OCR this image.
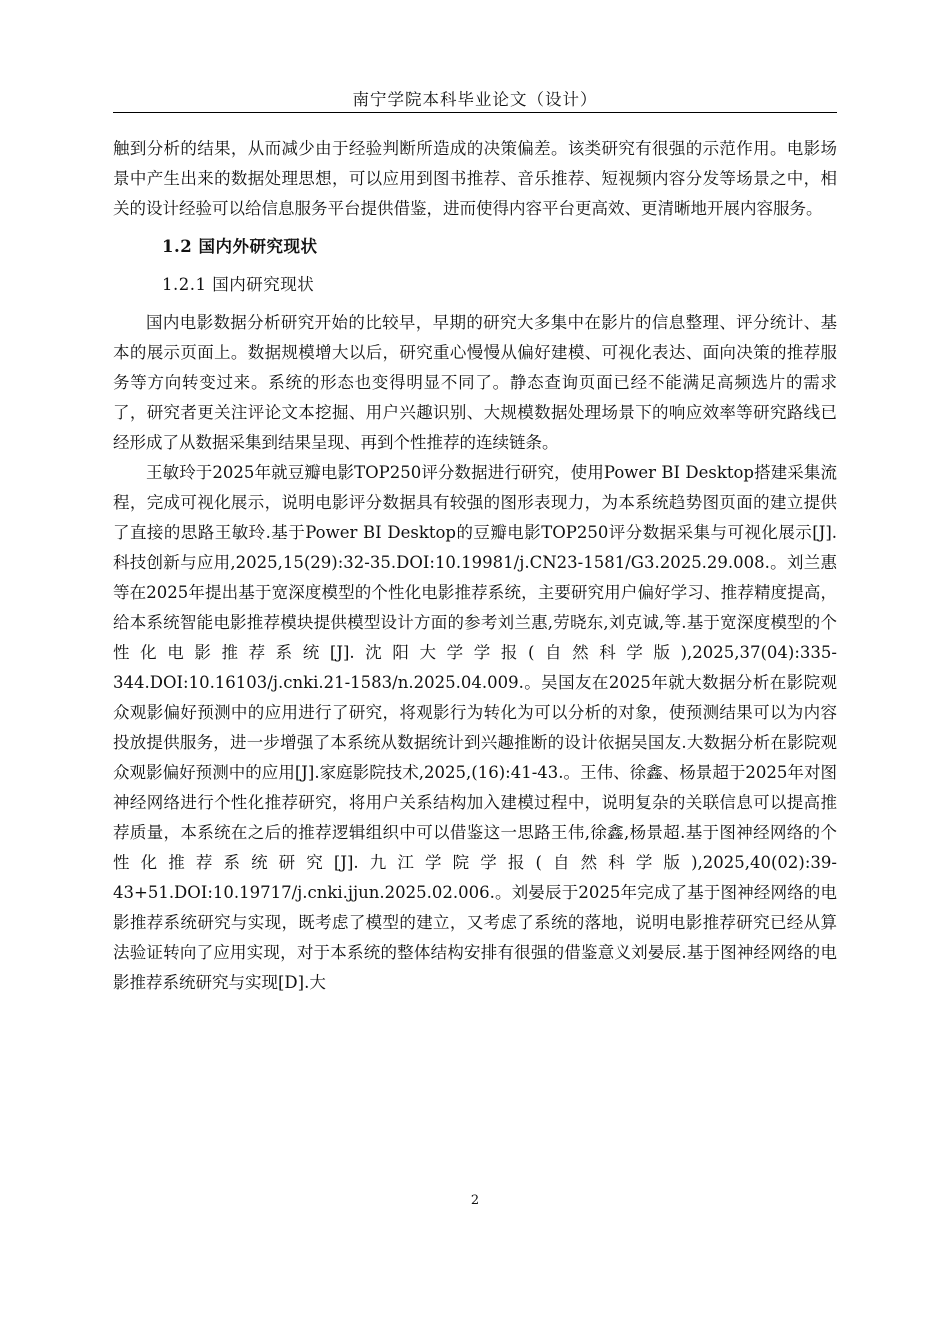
南宁学院本科毕业论文（设计）

触到分析的结果，从而减少由于经验判断所造成的决策偏差。该类研究有很强的示范作用。电影场景中产生出来的数据处理思想，可以应用到图书推荐、音乐推荐、短视频内容分发等场景之中，相关的设计经验可以给信息服务平台提供借鉴，进而使得内容平台更高效、更清晰地开展内容服务。

1.2 国内外研究现状
1.2.1 国内研究现状

国内电影数据分析研究开始的比较早，早期的研究大多集中在影片的信息整理、评分统计、基本的展示页面上。数据规模增大以后，研究重心慢慢从偏好建模、可视化表达、面向决策的推荐服务等方向转变过来。系统的形态也变得明显不同了。静态查询页面已经不能满足高频选片的需求了，研究者更关注评论文本挖掘、用户兴趣识别、大规模数据处理场景下的响应效率等研究路线已经形成了从数据采集到结果呈现、再到个性推荐的连续链条。

王敏玲于2025年就豆瓣电影TOP250评分数据进行研究，使用Power BI Desktop搭建采集流程，完成可视化展示，说明电影评分数据具有较强的图形表现力，为本系统趋势图页面的建立提供了直接的思路王敏玲.基于Power BI Desktop的豆瓣电影TOP250评分数据采集与可视化展示[J].科技创新与应用,2025,15(29):32-35.DOI:10.19981/j.CN23-1581/G3.2025.29.008.。刘兰惠等在2025年提出基于宽深度模型的个性化电影推荐系统，主要研究用户偏好学习、推荐精度提高，给本系统智能电影推荐模块提供模型设计方面的参考刘兰惠,劳晓东,刘克诚,等.基于宽深度模型的个性化电影推荐系统[J].沈阳大学学报(自然科学版),2025,37(04):335-344.DOI:10.16103/j.cnki.21-1583/n.2025.04.009.。吴国友在2025年就大数据分析在影院观众观影偏好预测中的应用进行了研究，将观影行为转化为可以分析的对象，使预测结果可以为内容投放提供服务，进一步增强了本系统从数据统计到兴趣推断的设计依据吴国友.大数据分析在影院观众观影偏好预测中的应用[J].家庭影院技术,2025,(16):41-43.。王伟、徐鑫、杨景超于2025年对图神经网络进行个性化推荐研究，将用户关系结构加入建模过程中，说明复杂的关联信息可以提高推荐质量，本系统在之后的推荐逻辑组织中可以借鉴这一思路王伟,徐鑫,杨景超.基于图神经网络的个性化推荐系统研究[J].九江学院学报(自然科学版),2025,40(02):39-43+51.DOI:10.19717/j.cnki.jjun.2025.02.006.。刘晏辰于2025年完成了基于图神经网络的电影推荐系统研究与实现，既考虑了模型的建立，又考虑了系统的落地，说明电影推荐研究已经从算法验证转向了应用实现，对于本系统的整体结构安排有很强的借鉴意义刘晏辰.基于图神经网络的电影推荐系统研究与实现[D].大

2
